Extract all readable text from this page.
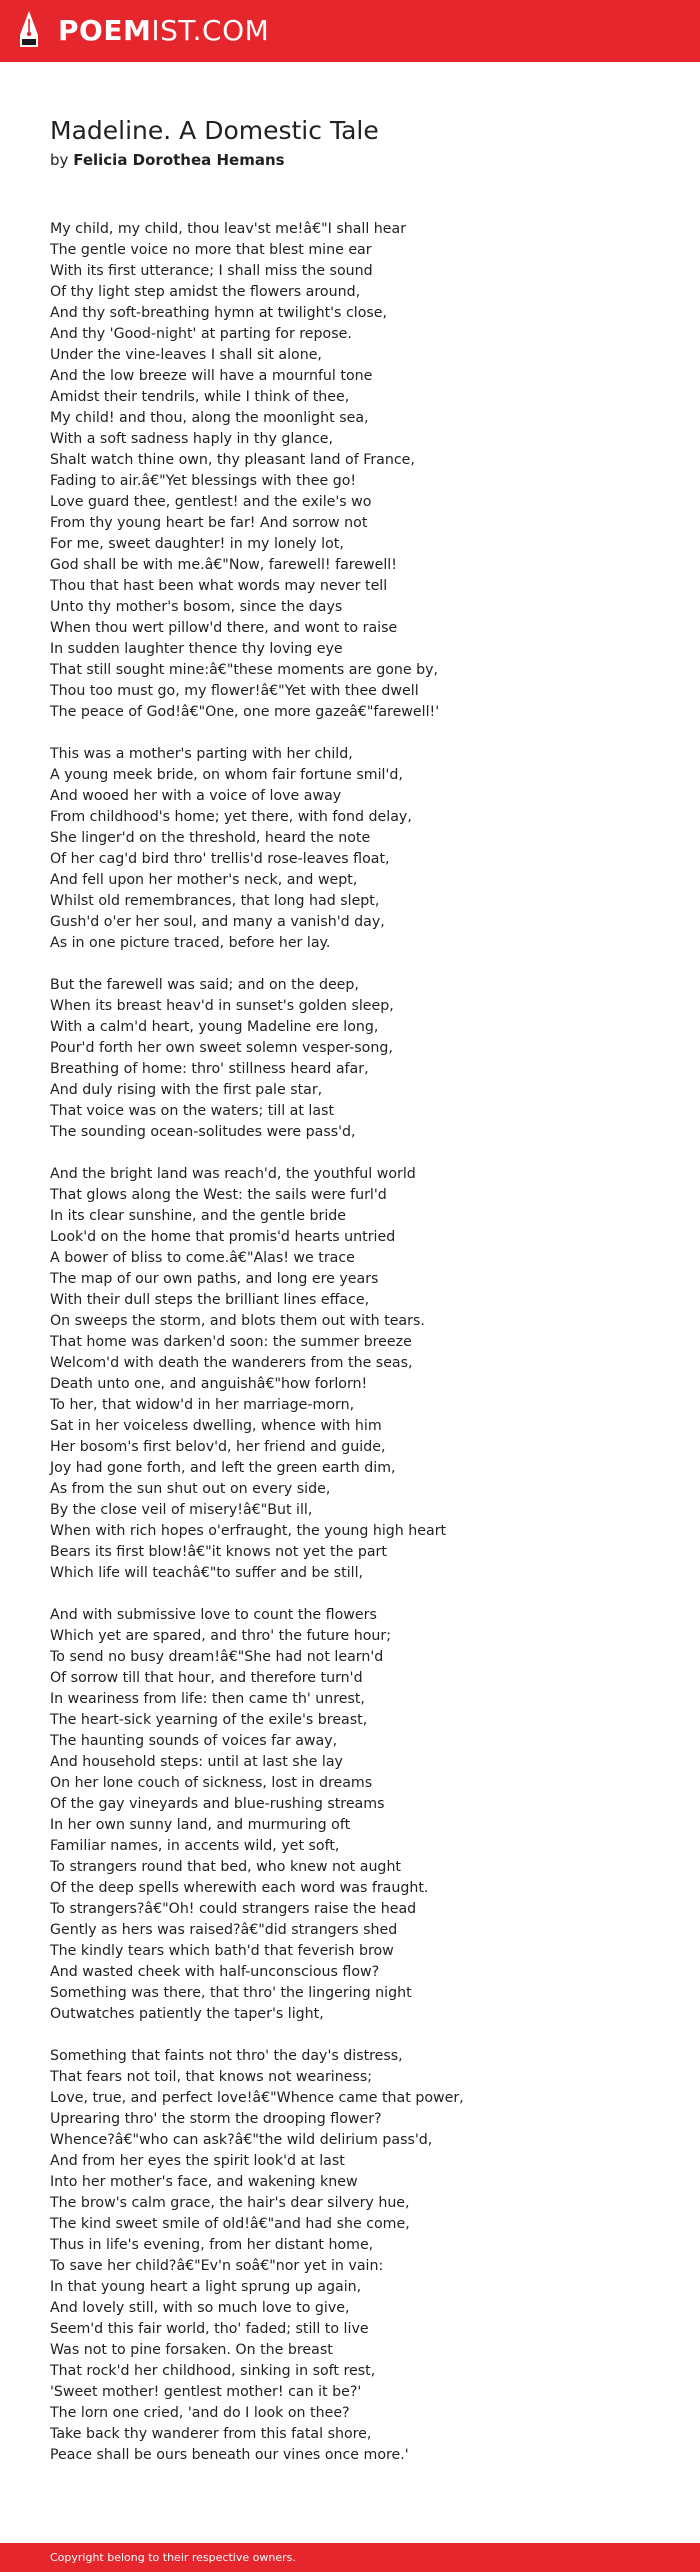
POEMIST.COM
Madeline. A Domestic Tale
by Felicia Dorothea Hemans
My child, my child, thou leav'st me!â€"I shall hear
The gentle voice no more that blest mine ear
With its first utterance; I shall miss the sound
Of thy light step amidst the flowers around,
And thy soft-breathing hymn at twilight's close,
And thy 'Good-night' at parting for repose.
Under the vine-leaves I shall sit alone,
And the low breeze will have a mournful tone
Amidst their tendrils, while I think of thee,
My child! and thou, along the moonlight sea,
With a soft sadness haply in thy glance,
Shalt watch thine own, thy pleasant land of France,
Fading to air.â€"Yet blessings with thee go!
Love guard thee, gentlest! and the exile's wo
From thy young heart be far! And sorrow not
For me, sweet daughter! in my lonely lot,
God shall be with me.â€"Now, farewell! farewell!
Thou that hast been what words may never tell
Unto thy mother's bosom, since the days
When thou wert pillow'd there, and wont to raise
In sudden laughter thence thy loving eye
That still sought mine:â€"these moments are gone by,
Thou too must go, my flower!â€"Yet with thee dwell
The peace of God!â€"One, one more gazeâ€"farewell!'
This was a mother's parting with her child,
A young meek bride, on whom fair fortune smil'd,
And wooed her with a voice of love away
From childhood's home; yet there, with fond delay,
She linger'd on the threshold, heard the note
Of her cag'd bird thro' trellis'd rose-leaves float,
And fell upon her mother's neck, and wept,
Whilst old remembrances, that long had slept,
Gush'd o'er her soul, and many a vanish'd day,
As in one picture traced, before her lay.
But the farewell was said; and on the deep,
When its breast heav'd in sunset's golden sleep,
With a calm'd heart, young Madeline ere long,
Pour'd forth her own sweet solemn vesper-song,
Breathing of home: thro' stillness heard afar,
And duly rising with the first pale star,
That voice was on the waters; till at last
The sounding ocean-solitudes were pass'd,
And the bright land was reach'd, the youthful world
That glows along the West: the sails were furl'd
In its clear sunshine, and the gentle bride
Look'd on the home that promis'd hearts untried
A bower of bliss to come.â€"Alas! we trace
The map of our own paths, and long ere years
With their dull steps the brilliant lines efface,
On sweeps the storm, and blots them out with tears.
That home was darken'd soon: the summer breeze
Welcom'd with death the wanderers from the seas,
Death unto one, and anguishâ€"how forlorn!
To her, that widow'd in her marriage-morn,
Sat in her voiceless dwelling, whence with him
Her bosom's first belov'd, her friend and guide,
Joy had gone forth, and left the green earth dim,
As from the sun shut out on every side,
By the close veil of misery!â€"But ill,
When with rich hopes o'erfraught, the young high heart
Bears its first blow!â€"it knows not yet the part
Which life will teachâ€"to suffer and be still,
And with submissive love to count the flowers
Which yet are spared, and thro' the future hour;
To send no busy dream!â€"She had not learn'd
Of sorrow till that hour, and therefore turn'd
In weariness from life: then came th' unrest,
The heart-sick yearning of the exile's breast,
The haunting sounds of voices far away,
And household steps: until at last she lay
On her lone couch of sickness, lost in dreams
Of the gay vineyards and blue-rushing streams
In her own sunny land, and murmuring oft
Familiar names, in accents wild, yet soft,
To strangers round that bed, who knew not aught
Of the deep spells wherewith each word was fraught.
To strangers?â€"Oh! could strangers raise the head
Gently as hers was raised?â€"did strangers shed
The kindly tears which bath'd that feverish brow
And wasted cheek with half-unconscious flow?
Something was there, that thro' the lingering night
Outwatches patiently the taper's light,
Something that faints not thro' the day's distress,
That fears not toil, that knows not weariness;
Love, true, and perfect love!â€"Whence came that power,
Uprearing thro' the storm the drooping flower?
Whence?â€"who can ask?â€"the wild delirium pass'd,
And from her eyes the spirit look'd at last
Into her mother's face, and wakening knew
The brow's calm grace, the hair's dear silvery hue,
The kind sweet smile of old!â€"and had she come,
Thus in life's evening, from her distant home,
To save her child?â€"Ev'n soâ€"nor yet in vain:
In that young heart a light sprung up again,
And lovely still, with so much love to give,
Seem'd this fair world, tho' faded; still to live
Was not to pine forsaken. On the breast
That rock'd her childhood, sinking in soft rest,
'Sweet mother! gentlest mother! can it be?'
The lorn one cried, 'and do I look on thee?
Take back thy wanderer from this fatal shore,
Peace shall be ours beneath our vines once more.'
Copyright belong to their respective owners.
